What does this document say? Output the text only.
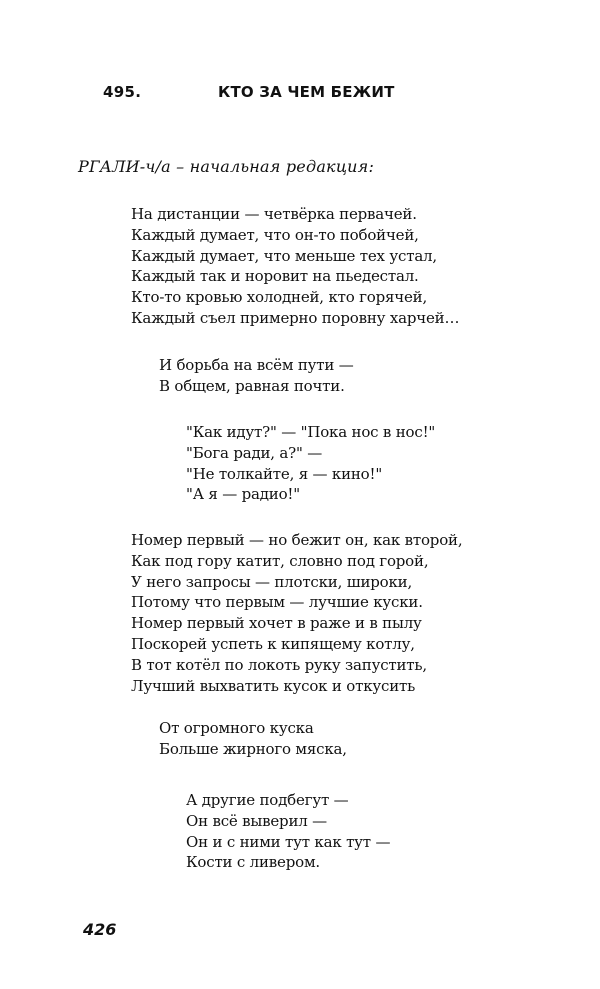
495.	КТО ЗА ЧЕМ БЕЖИТ
РГАЛИ-ч/а – начальная редакция:
На дистанции — четвёрка первачей.
Каждый думает, что он-то побойчей,
Каждый думает, что меньше тех устал,
Каждый так и норовит на пьедестал.
Кто-то кровью холодней, кто горячей,
Каждый съел примерно поровну харчей…
И борьба на всём пути —
В общем, равная почти.
"Как идут?" — "Пока нос в нос!"
"Бога ради, а?" —
"Не толкайте, я — кино!"
"А я — радио!"
Номер первый — но бежит он, как второй,
Как под гору катит, словно под горой,
У него запросы — плотски, широки,
Потому что первым — лучшие куски.
Номер первый хочет в раже и в пылу
Поскорей успеть к кипящему котлу,
В тот котёл по локоть руку запустить,
Лучший выхватить кусок и откусить
От огромного куска
Больше жирного мяска,
А другие подбегут —
Он всё выверил —
Он и с ними тут как тут —
Кости с ливером.
426
